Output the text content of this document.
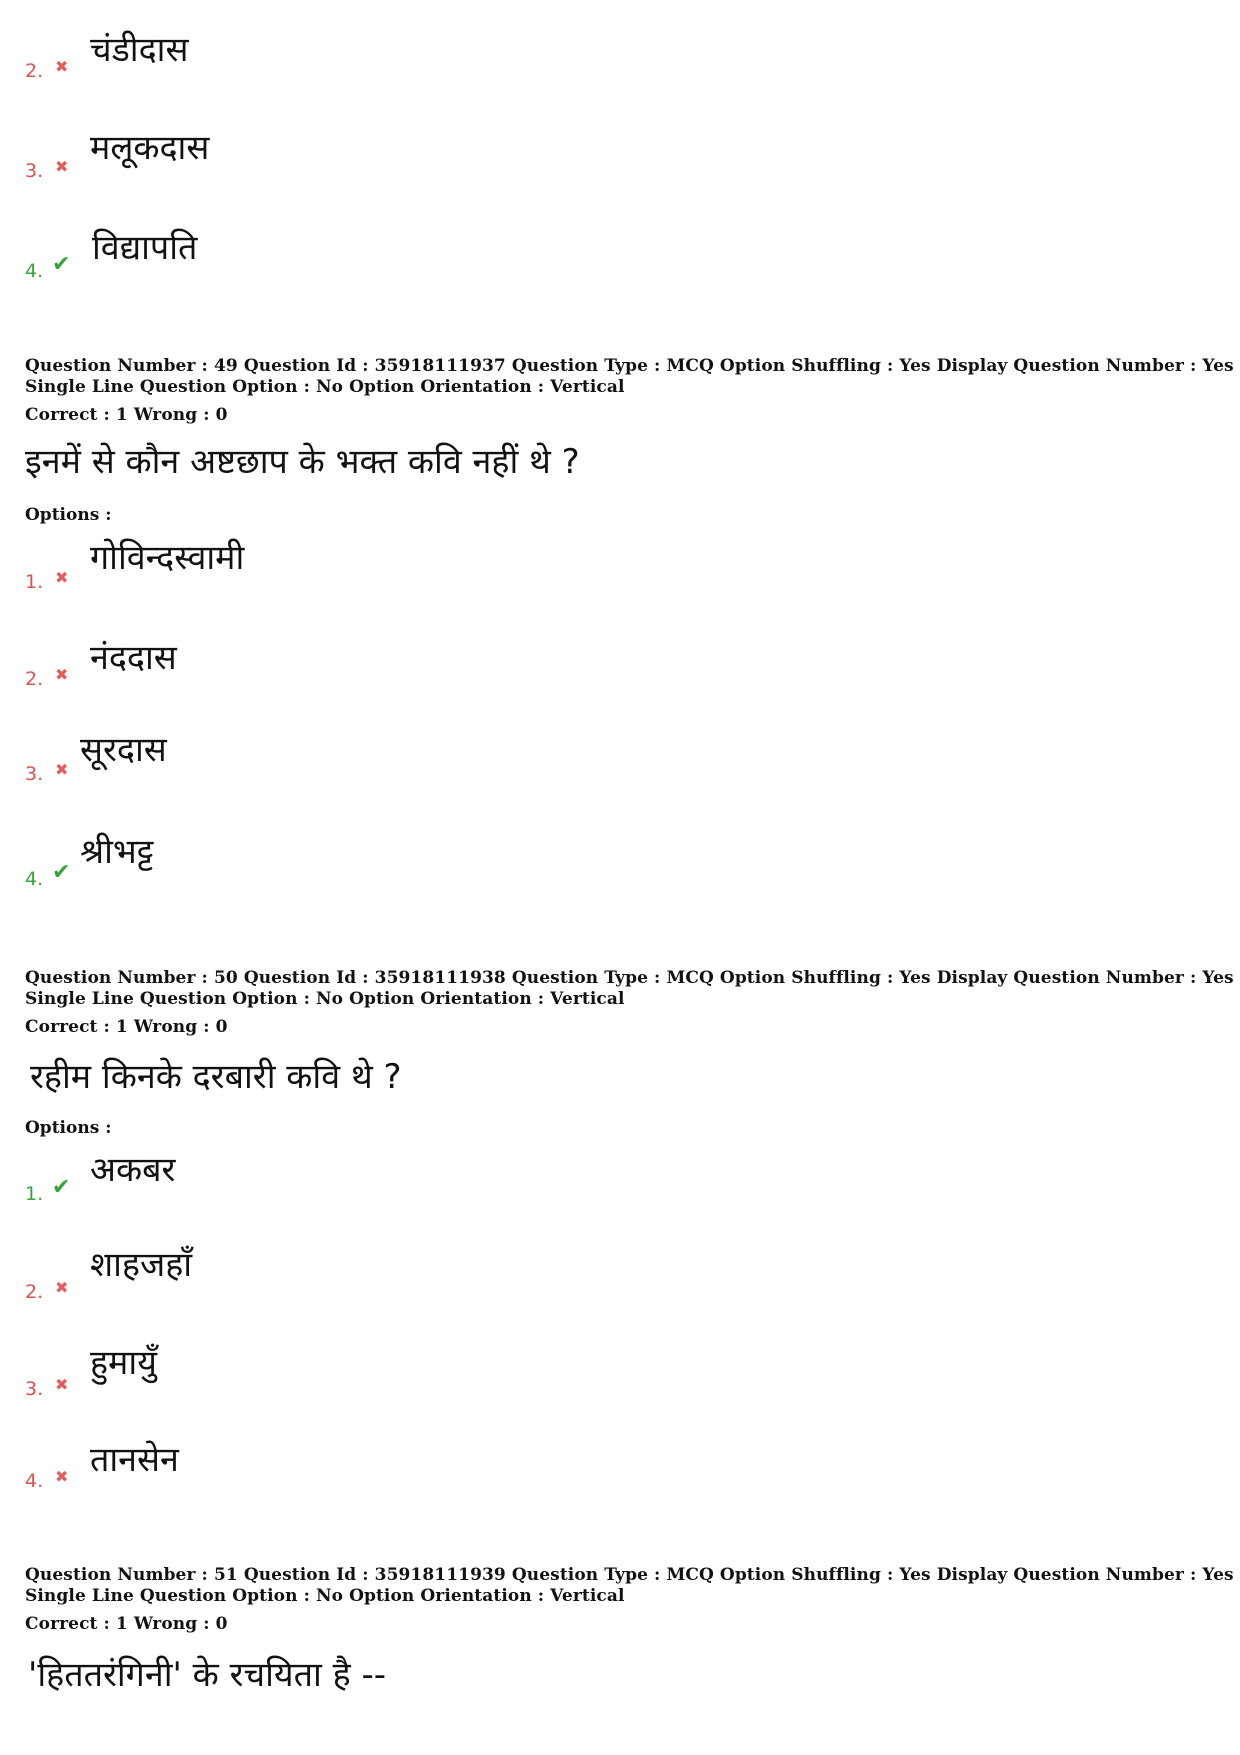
2. ✖ चंडीदास
3. ✖ मलूकदास
4. ✔ विद्यापति
Question Number : 49 Question Id : 35918111937 Question Type : MCQ Option Shuffling : Yes Display Question Number : Yes
Single Line Question Option : No Option Orientation : Vertical
Correct : 1 Wrong : 0
इनमें से कौन अष्टछाप के भक्त कवि नहीं थे ?
Options :
1. ✖ गोविन्दस्वामी
2. ✖ नंददास
3. ✖ सूरदास
4. ✔
श्रीभट्ट
Question Number : 50 Question Id : 35918111938 Question Type : MCQ Option Shuffling : Yes Display Question Number : Yes
Single Line Question Option : No Option Orientation : Vertical
Correct : 1 Wrong : 0
रहीम किनके दरबारी कवि थे ?
Options :
1. ✔ अकबर
2. ✖
शाहजहाँ
3. ✖
हुमायुँ
4. ✖ तानसेन
Question Number : 51 Question Id : 35918111939 Question Type : MCQ Option Shuffling : Yes Display Question Number : Yes
Single Line Question Option : No Option Orientation : Vertical
Correct : 1 Wrong : 0
'हिततरंगिनी' के रचयिता है --
